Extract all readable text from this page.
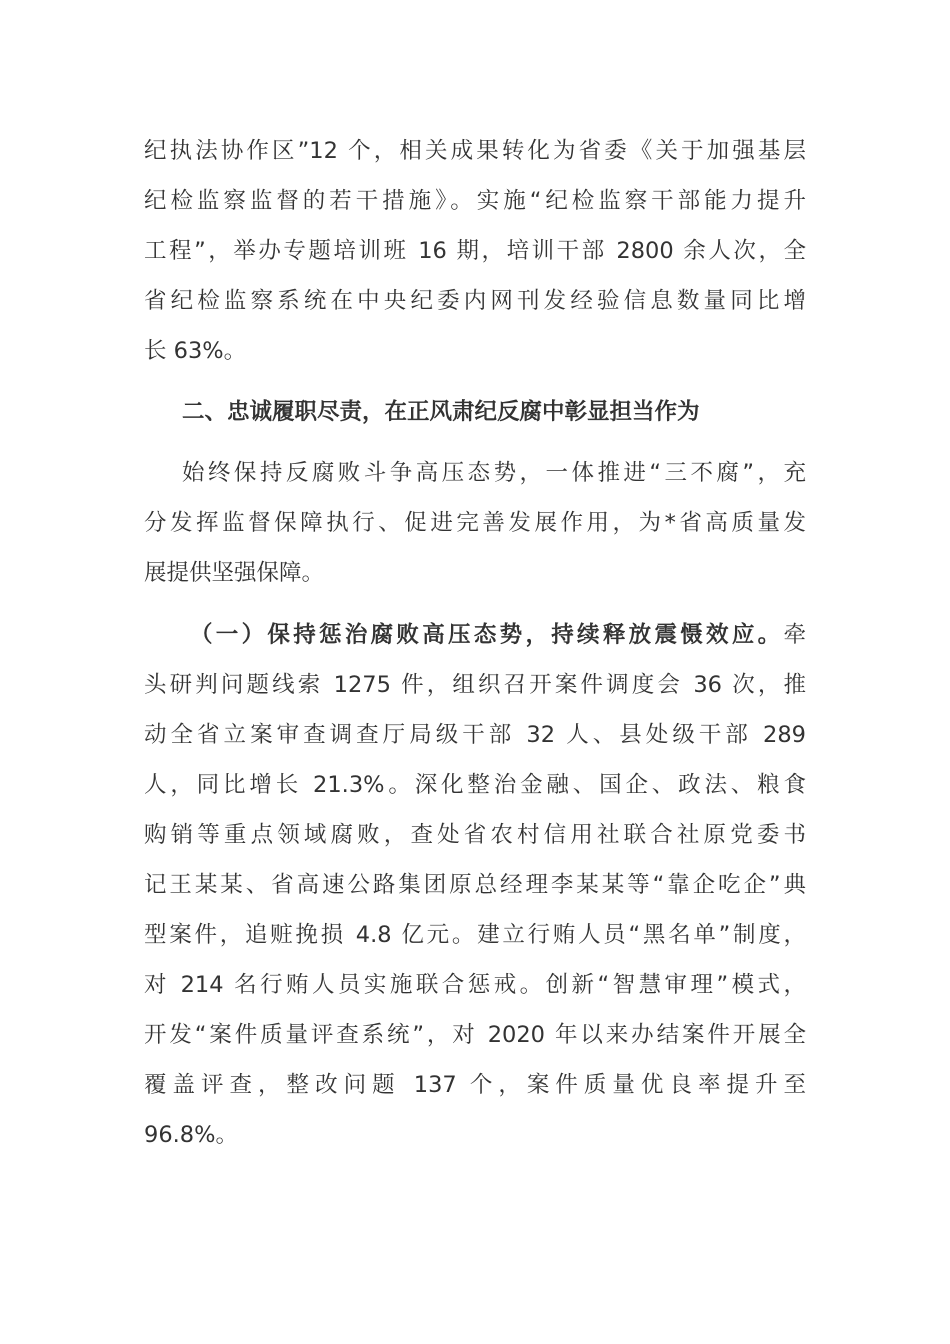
纪执法协作区”12 个，相关成果转化为省委《关于加强基层
纪检监察监督的若干措施》。实施“纪检监察干部能力提升
工程”，举办专题培训班 16 期，培训干部 2800 余人次，全
省纪检监察系统在中央纪委内网刊发经验信息数量同比增
长 63%。
二、忠诚履职尽责，在正风肃纪反腐中彰显担当作为
始终保持反腐败斗争高压态势，一体推进“三不腐”，充
分发挥监督保障执行、促进完善发展作用，为*省高质量发
展提供坚强保障。
（一）保持惩治腐败高压态势，持续释放震慑效应。牵
头研判问题线索 1275 件，组织召开案件调度会 36 次，推
动全省立案审查调查厅局级干部 32 人、县处级干部 289
人，同比增长 21.3%。深化整治金融、国企、政法、粮食
购销等重点领域腐败，查处省农村信用社联合社原党委书
记王某某、省高速公路集团原总经理李某某等“靠企吃企”典
型案件，追赃挽损 4.8 亿元。建立行贿人员“黑名单”制度，
对 214 名行贿人员实施联合惩戒。创新“智慧审理”模式，
开发“案件质量评查系统”，对 2020 年以来办结案件开展全
覆盖评查，整改问题 137 个，案件质量优良率提升至
96.8%。
